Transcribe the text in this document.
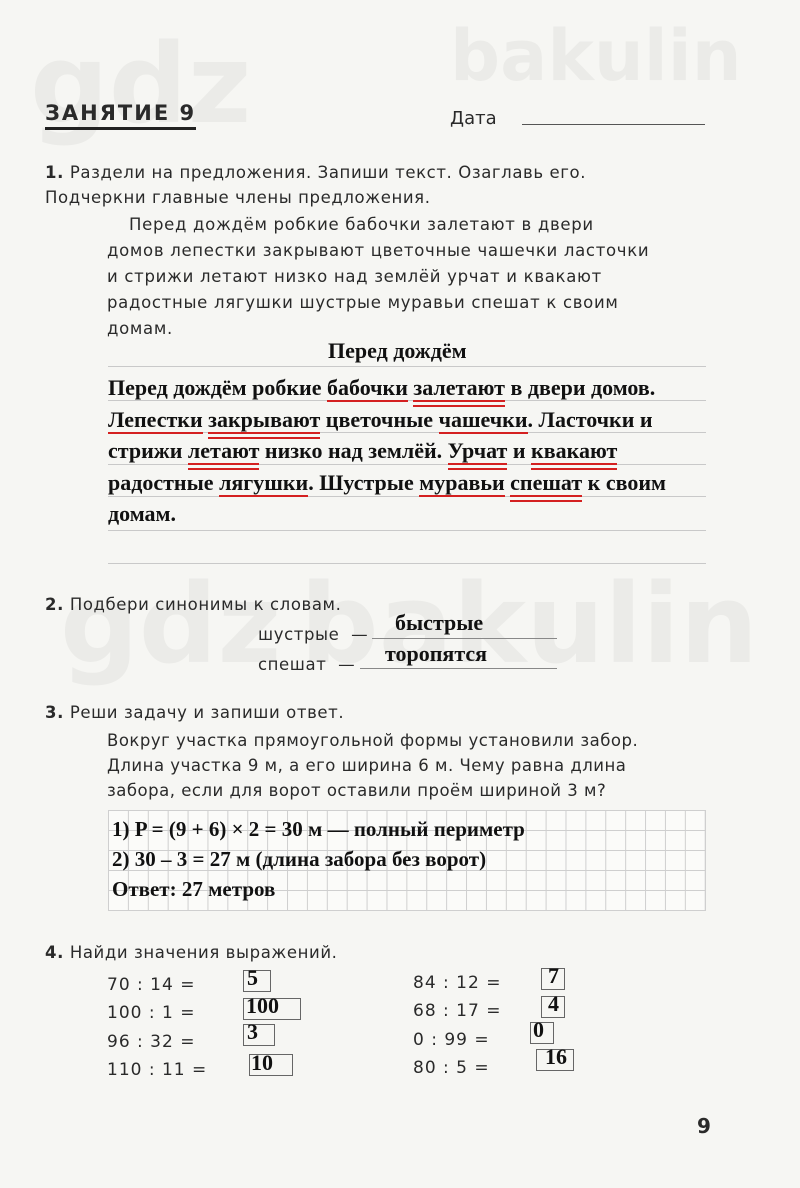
ЗАНЯТИЕ 9	Дата
1. Раздели на предложения. Запиши текст. Озаглавь его.
Подчеркни главные члены предложения.
Перед дождём робкие бабочки залетают в двери
домов лепестки закрывают цветочные чашечки ласточки
и стрижи летают низко над землёй урчат и квакают
радостные лягушки шустрые муравьи спешат к своим
домам.
Перед дождём
Перед дождём робкие бабочки залетают в двери домов.
Лепестки закрывают цветочные чашечки. Ласточки и
стрижи летают низко над землёй. Урчат и квакают
радостные лягушки. Шустрые муравьи спешат к своим
домам.
2. Подбери синонимы к словам.
шустрые — быстрые
спешат — торопятся
3. Реши задачу и запиши ответ.
Вокруг участка прямоугольной формы установили забор.
Длина участка 9 м, а его ширина 6 м. Чему равна длина
забора, если для ворот оставили проём шириной 3 м?
1) P = (9 + 6) × 2 = 30 м — полный периметр
2) 30 – 3 = 27 м (длина забора без ворот)
Ответ: 27 метров
4. Найди значения выражений.
70 : 14 = 5
100 : 1 = 100
96 : 32 = 3
110 : 11 = 10
84 : 12 = 7
68 : 17 = 4
0 : 99 = 0
80 : 5 =	16
9
